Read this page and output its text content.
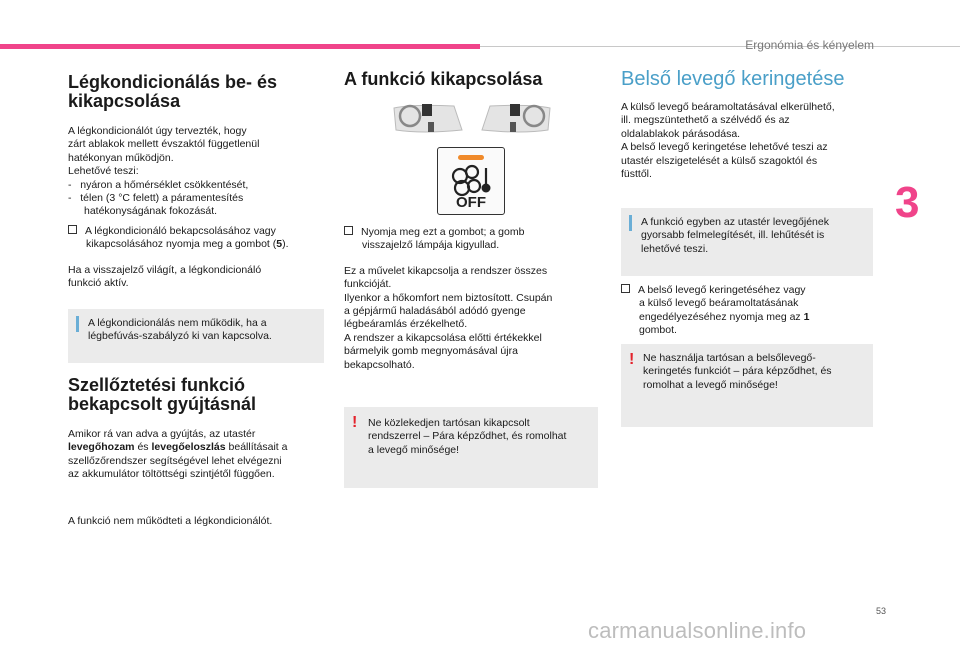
Ergonómia és kényelem
3
Légkondicionálás be- és
kikapcsolása

A légkondicionálót úgy tervezték, hogy
zárt ablakok mellett évszaktól függetlenül
hatékonyan működjön.
Lehetővé teszi:

-   nyáron a hőmérséklet csökkentését,

-   télen (3 °C felett) a páramentesítés
hatékonyságának fokozását.

A légkondicionáló bekapcsolásához vagy
kikapcsolásához nyomja meg a gombot (5).

Ha a visszajelző világít, a légkondicionáló
funkció aktív.

A légkondicionálás nem működik, ha a
légbefúvás-szabályzó ki van kapcsolva.

Szellőztetési funkció
bekapcsolt gyújtásnál

Amikor rá van adva a gyújtás, az utastér
levegőhozam és levegőeloszlás beállításait a
szellőzőrendszer segítségével lehet elvégezni
az akkumulátor töltöttségi szintjétől függően.

A funkció nem működteti a légkondicionálót.

A funkció kikapcsolása
OFF

Nyomja meg ezt a gombot; a gomb
visszajelző lámpája kigyullad.

Ez a művelet kikapcsolja a rendszer összes
funkcióját.
Ilyenkor a hőkomfort nem biztosított. Csupán
a gépjármű haladásából adódó gyenge
légbeáramlás érzékelhető.
A rendszer a kikapcsolása előtti értékekkel
bármelyik gomb megnyomásával újra
bekapcsolható.

! Ne közlekedjen tartósan kikapcsolt
rendszerrel – Pára képződhet, és romolhat
a levegő minősége!

Belső levegő keringetése

A külső levegő beáramoltatásával elkerülhető,
ill. megszüntethető a szélvédő és az
oldalablakok párásodása.
A belső levegő keringetése lehetővé teszi az
utastér elszigetelését a külső szagoktól és
füsttől.

A funkció egyben az utastér levegőjének
gyorsabb felmelegítését, ill. lehűtését is
lehetővé teszi.

A belső levegő keringetéséhez vagy
a külső levegő beáramoltatásának
engedélyezéséhez nyomja meg az 1
gombot.

! Ne használja tartósan a belsőlevegő-
keringetés funkciót – pára képződhet, és
romolhat a levegő minősége!

53
carmanualsonline.info
